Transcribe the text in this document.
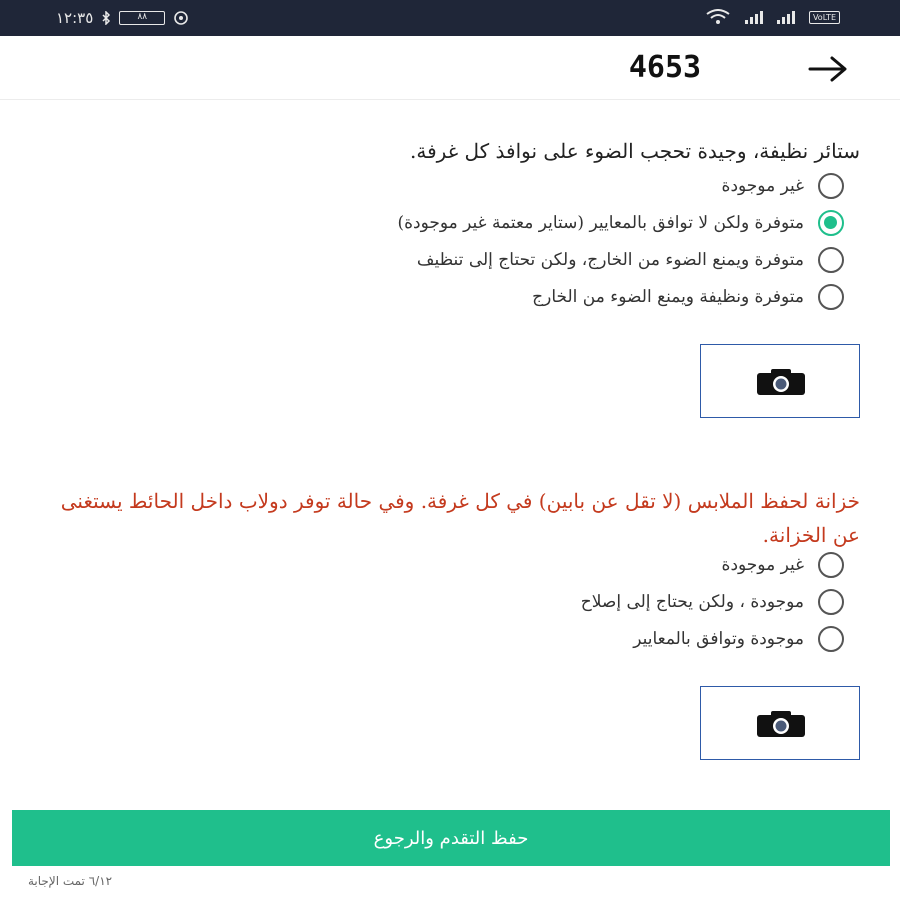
١٢:٣٥	٨٨	VoLTE
4653
ستائر نظيفة، وجيدة تحجب الضوء على نوافذ كل غرفة.
غير موجودة
متوفرة ولكن لا توافق بالمعايير (ستاير معتمة غير موجودة)
متوفرة ويمنع الضوء من الخارج، ولكن تحتاج إلى تنظيف
متوفرة ونظيفة ويمنع الضوء من الخارج
خزانة لحفظ الملابس (لا تقل عن بابين) في كل غرفة. وفي حالة توفر دولاب داخل الحائط يستغنى عن الخزانة.
غير موجودة
موجودة ، ولكن يحتاج إلى إصلاح
موجودة وتوافق بالمعايير
حفظ التقدم والرجوع
٦/١٢ تمت الإجابة
